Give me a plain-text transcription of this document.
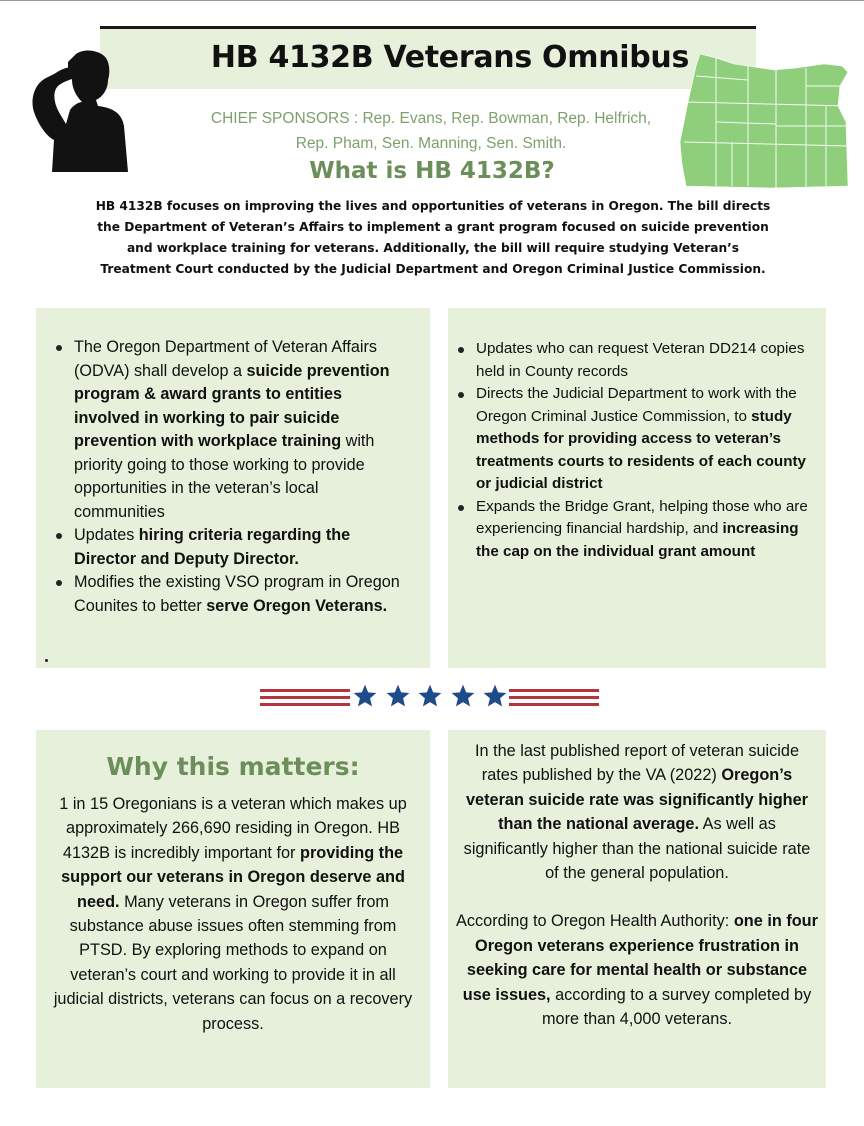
HB 4132B Veterans Omnibus
CHIEF SPONSORS : Rep. Evans, Rep. Bowman, Rep. Helfrich, Rep. Pham, Sen. Manning, Sen. Smith.
What is HB 4132B?
HB 4132B focuses on improving the lives and opportunities of veterans in Oregon. The bill directs the Department of Veteran’s Affairs to implement a grant program focused on suicide prevention and workplace training for veterans. Additionally, the bill will require studying Veteran’s Treatment Court conducted by the Judicial Department and Oregon Criminal Justice Commission.
The Oregon Department of Veteran Affairs (ODVA) shall develop a suicide prevention program & award grants to entities involved in working to pair suicide prevention with workplace training with priority going to those working to provide opportunities in the veteran’s local communities
Updates hiring criteria regarding the Director and Deputy Director.
Modifies the existing VSO program in Oregon Counites to better serve Oregon Veterans.
Updates who can request Veteran DD214 copies held in County records
Directs the Judicial Department to work with the Oregon Criminal Justice Commission, to study methods for providing access to veteran’s treatments courts to residents of each county or judicial district
Expands the Bridge Grant, helping those who are experiencing financial hardship, and increasing the cap on the individual grant amount
Why this matters:
1 in 15 Oregonians is a veteran which makes up approximately 266,690 residing in Oregon. HB 4132B is incredibly important for providing the support our veterans in Oregon deserve and need. Many veterans in Oregon suffer from substance abuse issues often stemming from PTSD. By exploring methods to expand on veteran’s court and working to provide it in all judicial districts, veterans can focus on a recovery process.

In the last published report of veteran suicide rates published by the VA (2022) Oregon’s veteran suicide rate was significantly higher than the national average. As well as significantly higher than the national suicide rate of the general population.

According to Oregon Health Authority: one in four Oregon veterans experience frustration in seeking care for mental health or substance use issues, according to a survey completed by more than 4,000 veterans.
